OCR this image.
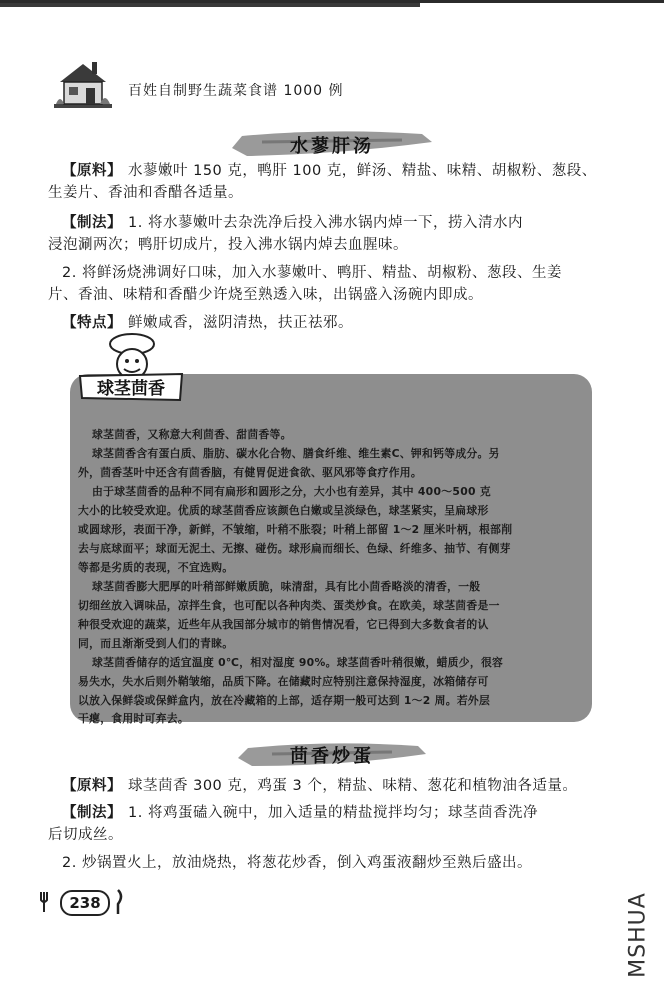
百姓自制野生蔬菜食谱 1000 例
水蓼肝汤
【原料】 水蓼嫩叶 150 克，鸭肝 100 克，鲜汤、精盐、味精、胡椒粉、葱段、
生姜片、香油和香醋各适量。
【制法】 1. 将水蓼嫩叶去杂洗净后投入沸水锅内焯一下，捞入清水内
浸泡涮两次；鸭肝切成片，投入沸水锅内焯去血腥味。
2. 将鲜汤烧沸调好口味，加入水蓼嫩叶、鸭肝、精盐、胡椒粉、葱段、生姜
片、香油、味精和香醋少许烧至熟透入味，出锅盛入汤碗内即成。
【特点】 鲜嫩咸香，滋阴清热，扶正祛邪。
球茎茴香
球茎茴香，又称意大利茴香、甜茴香等。
球茎茴香含有蛋白质、脂肪、碳水化合物、膳食纤维、维生素C、钾和钙等成分。另
外，茴香茎叶中还含有茴香脑，有健胃促进食欲、驱风邪等食疗作用。
由于球茎茴香的品种不同有扁形和圆形之分，大小也有差异，其中 400～500 克
大小的比较受欢迎。优质的球茎茴香应该颜色白嫩或呈淡绿色，球茎紧实，呈扁球形
或圆球形，表面干净，新鲜，不皱缩，叶稍不胀裂；叶稍上部留 1～2 厘米叶柄，根部削
去与底球面平；球面无泥土、无擦、碰伤。球形扁而细长、色绿、纤维多、抽节、有侧芽
等都是劣质的表现，不宜选购。
球茎茴香膨大肥厚的叶稍部鲜嫩质脆，味清甜，具有比小茴香略淡的清香，一般
切细丝放入调味品，凉拌生食，也可配以各种肉类、蛋类炒食。在欧美，球茎茴香是一
种很受欢迎的蔬菜，近些年从我国部分城市的销售情况看，它已得到大多数食者的认
同，而且渐渐受到人们的青睐。
球茎茴香储存的适宜温度 0℃，相对湿度 90%。球茎茴香叶稍很嫩，蜡质少，很容
易失水，失水后则外鞘皱缩，品质下降。在储藏时应特别注意保持湿度，冰箱储存可
以放入保鲜袋或保鲜盒内，放在冷藏箱的上部，适存期一般可达到 1～2 周。若外层
干瘪，食用时可弃去。
茴香炒蛋
【原料】 球茎茴香 300 克，鸡蛋 3 个，精盐、味精、葱花和植物油各适量。
【制法】 1. 将鸡蛋磕入碗中，加入适量的精盐搅拌均匀；球茎茴香洗净
后切成丝。
2. 炒锅置火上，放油烧热，将葱花炒香，倒入鸡蛋液翻炒至熟后盛出。
238	MSHUA
